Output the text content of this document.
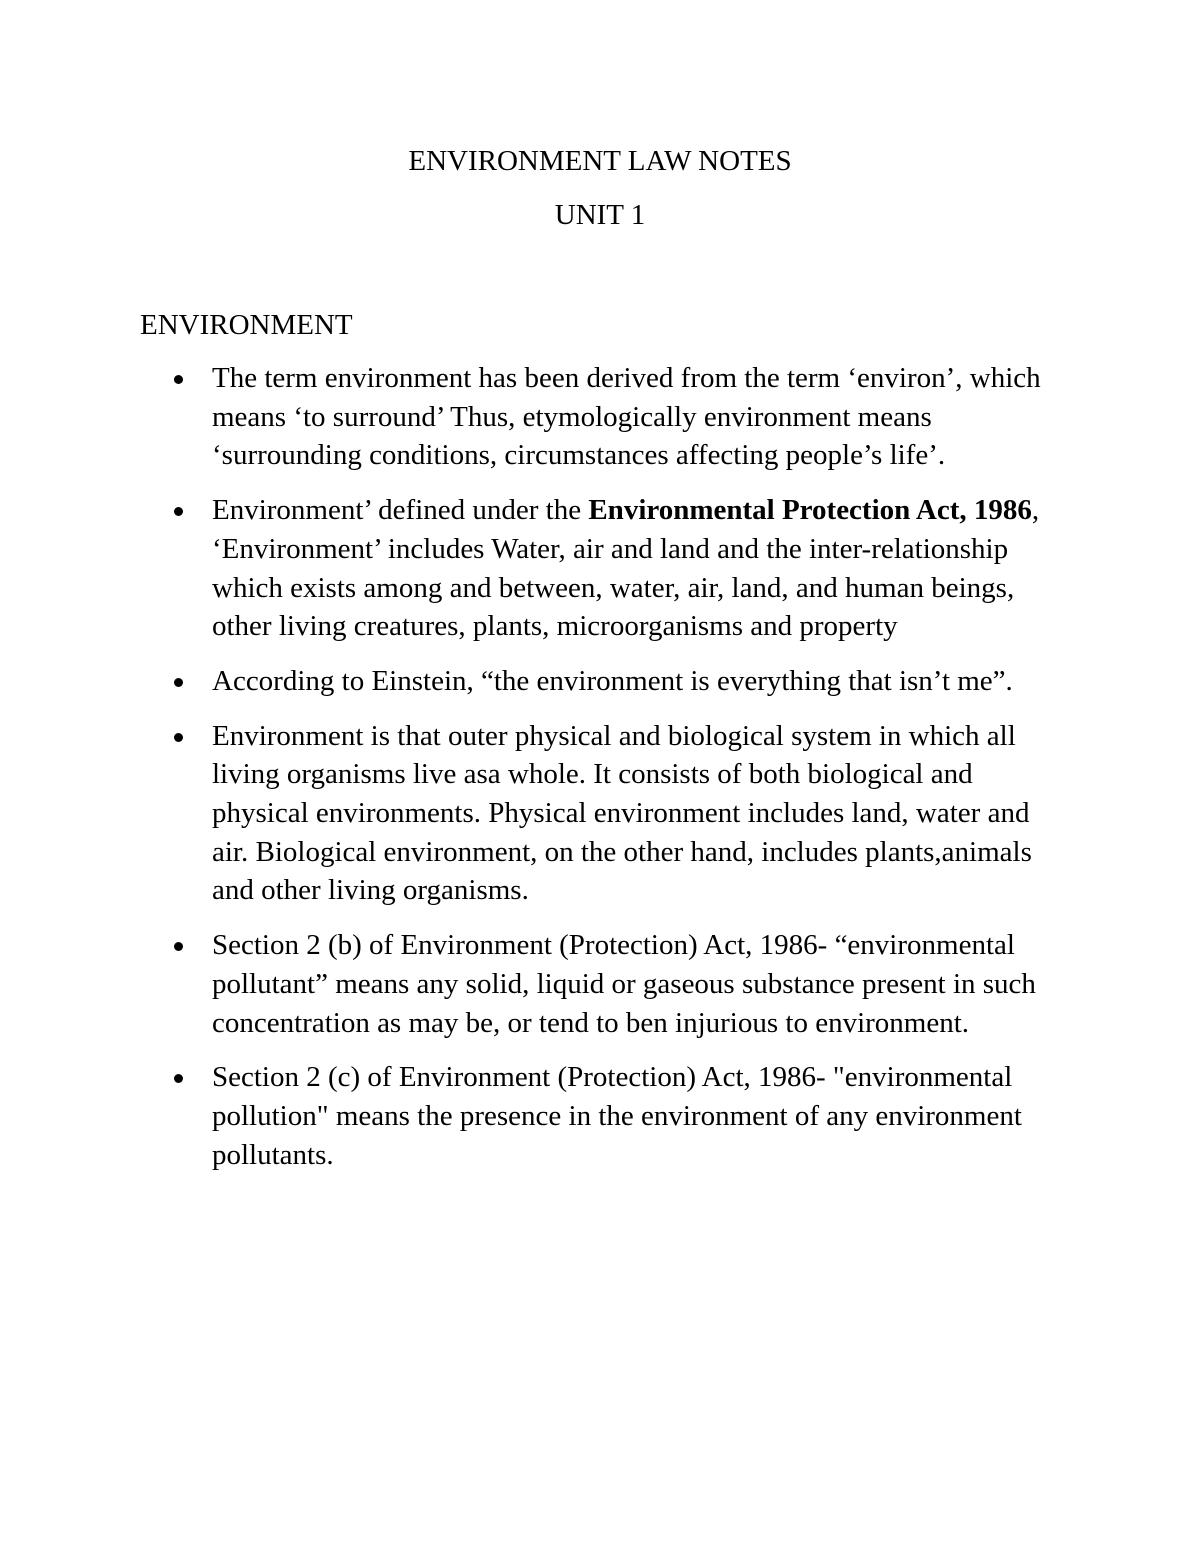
ENVIRONMENT LAW NOTES
UNIT 1
ENVIRONMENT
The term environment has been derived from the term ‘environ’, which means ‘to surround’ Thus, etymologically environment means ‘surrounding conditions, circumstances affecting people’s life’.
Environment’ defined under the Environmental Protection Act, 1986, ‘Environment’ includes Water, air and land and the inter-relationship which exists among and between, water, air, land, and human beings, other living creatures, plants, microorganisms and property
According to Einstein, “the environment is everything that isn’t me”.
Environment is that outer physical and biological system in which all living organisms live asa whole. It consists of both biological and physical environments. Physical environment includes land, water and air. Biological environment, on the other hand, includes plants,animals and other living organisms.
Section 2 (b) of Environment (Protection) Act, 1986- “environmental pollutant” means any solid, liquid or gaseous substance present in such concentration as may be, or tend to ben injurious to environment.
Section 2 (c) of Environment (Protection) Act, 1986- "environmental pollution" means the presence in the environment of any environment pollutants.
